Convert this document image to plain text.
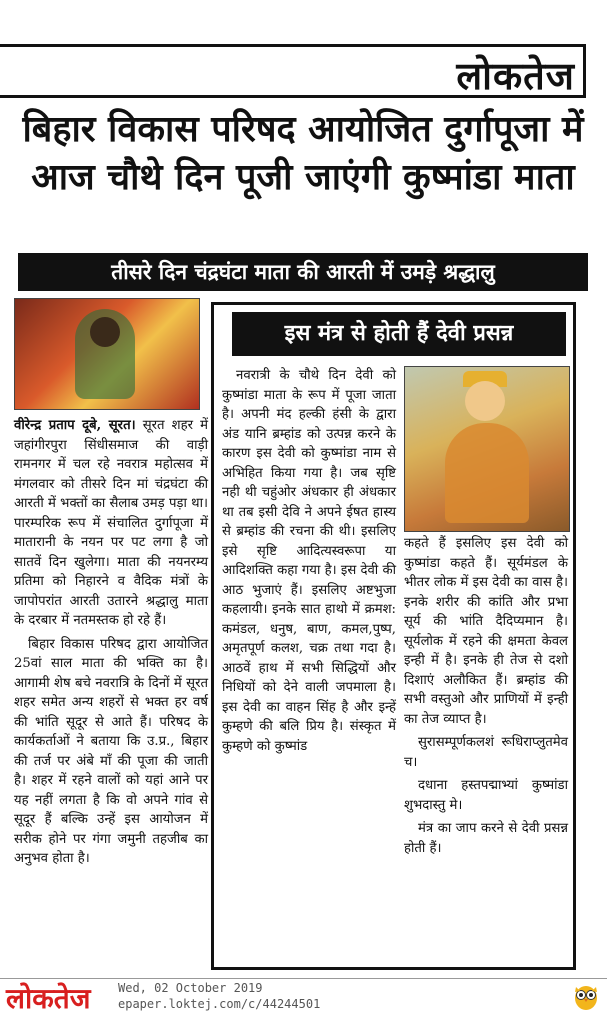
लोकतेज
बिहार विकास परिषद आयोजित दुर्गापूजा में
आज चौथे दिन पूजी जाएंगी कुष्मांडा माता
तीसरे दिन चंद्रघंटा माता की आरती में उमड़े श्रद्धालु

वीरेन्द्र प्रताप दूबे, सूरत। सूरत शहर में जहांगीरपुरा सिंधीसमाज की वाड़ी रामनगर में चल रहे नवरात्र महोत्सव में मंगलवार को तीसरे दिन मां चंद्रघंटा की आरती में भक्तों का सैलाब उमड़ पड़ा था। पारम्परिक रूप में संचालित दुर्गापूजा में मातारानी के नयन पर पट लगा है जो सातवें दिन खुलेगा। माता की नयनरम्य प्रतिमा को निहारने व वैदिक मंत्रों के जापोपरांत आरती उतारने श्रद्धालु माता के दरबार में नतमस्तक हो रहे हैं।

बिहार विकास परिषद द्वारा आयोजित 25वां साल माता की भक्ति का है। आगामी शेष बचे नवरात्रि के दिनों में सूरत शहर समेत अन्य शहरों से भक्त हर वर्ष की भांति सूदूर से आते हैं। परिषद के कार्यकर्ताओं ने बताया कि उ.प्र., बिहार की तर्ज पर अंबे माँ की पूजा की जाती है। शहर में रहने वालों को यहां आने पर यह नहीं लगता है कि वो अपने गांव से सूदूर हैं बल्कि उन्हें इस आयोजन में सरीक होने पर गंगा जमुनी तहजीब का अनुभव होता है।

इस मंत्र से होती हैं देवी प्रसन्न

नवरात्री के चौथे दिन देवी को कुष्मांडा माता के रूप में पूजा जाता है। अपनी मंद हल्की हंसी के द्वारा अंड यानि ब्रम्हांड को उत्पन्न करने के कारण इस देवी को कुष्मांडा नाम से अभिहित किया गया है। जब सृष्टि नही थी चहुंओर अंधकार ही अंधकार था तब इसी देवि ने अपने ईषत हास्य से ब्रम्हांड की रचना की थी। इसलिए इसे सृष्टि आदित्यस्वरूपा या आदिशक्ति कहा गया है। इस देवी की आठ भुजाएं हैं। इसलिए अष्टभुजा कहलायी। इनके सात हाथो में क्रमश: कमंडल, धनुष, बाण, कमल,पुष्प, अमृतपूर्ण कलश, चक्र तथा गदा है। आठवें हाथ में सभी सिद्धियों और निधियों को देने वाली जपमाला है। इस देवी का वाहन सिंह है और इन्हें कुम्हणे की बलि प्रिय है। संस्कृत में कुम्हणे को कुष्मांड

कहते हैं इसलिए इस देवी को कुष्मांडा कहते हैं। सूर्यमंडल के भीतर लोक में इस देवी का वास है। इनके शरीर की कांति और प्रभा सूर्य की भांति दैदिप्यमान है। सूर्यलोक में रहने की क्षमता केवल इन्ही में है। इनके ही तेज से दशो दिशाएं अलौकित हैं। ब्रम्हांड की सभी वस्तुओ और प्राणियों में इन्ही का तेज व्याप्त है।

सुरासम्पूर्णकलशं रूधिराप्लुतमेव च।

दधाना हस्तपद्माभ्यां कुष्मांडा शुभदास्तु मे।

मंत्र का जाप करने से देवी प्रसन्न होती हैं।

लोकतेज Wed, 02 October 2019
epaper.loktej.com/c/44244501
